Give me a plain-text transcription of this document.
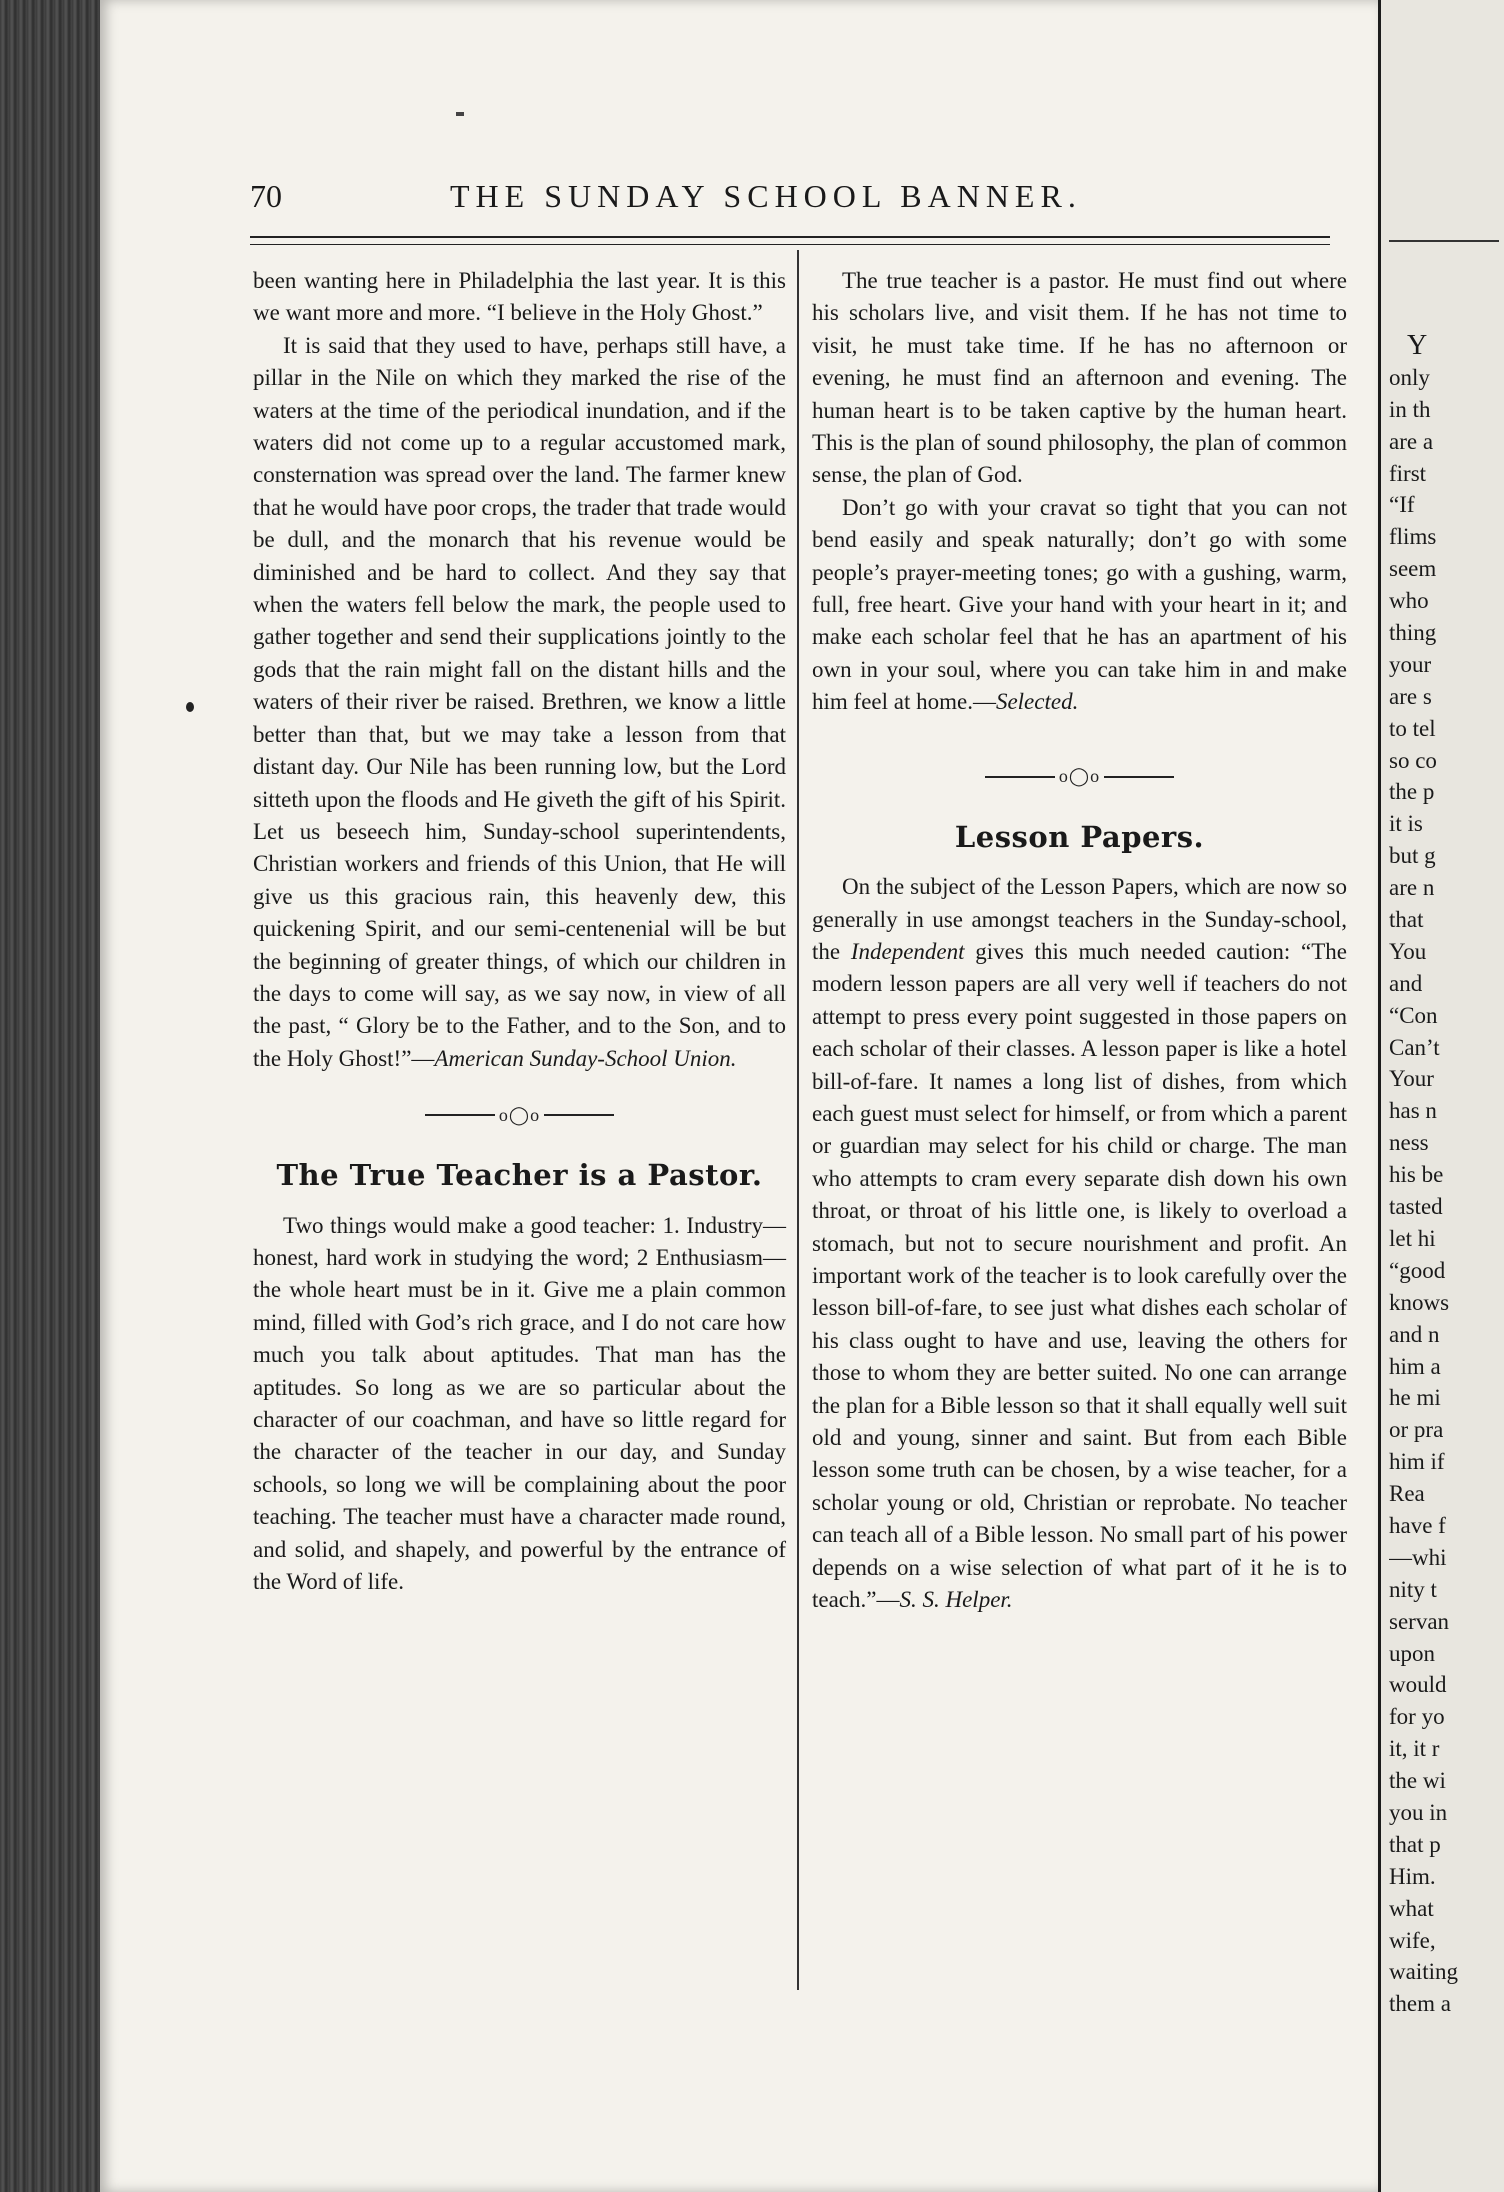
70	THE SUNDAY SCHOOL BANNER.

been wanting here in Philadelphia the last year. It is this we want more and more. “I believe in the Holy Ghost.”

It is said that they used to have, perhaps still have, a pillar in the Nile on which they marked the rise of the waters at the time of the periodical inundation, and if the waters did not come up to a regular accustomed mark, consternation was spread over the land. The farmer knew that he would have poor crops, the trader that trade would be dull, and the monarch that his revenue would be diminished and be hard to collect. And they say that when the waters fell below the mark, the people used to gather together and send their supplications jointly to the gods that the rain might fall on the distant hills and the waters of their river be raised. Brethren, we know a little better than that, but we may take a lesson from that distant day. Our Nile has been running low, but the Lord sitteth upon the floods and He giveth the gift of his Spirit. Let us beseech him, Sunday-school superintendents, Christian workers and friends of this Union, that He will give us this gracious rain, this heavenly dew, this quickening Spirit, and our semi-centenenial will be but the beginning of greater things, of which our children in the days to come will say, as we say now, in view of all the past, “ Glory be to the Father, and to the Son, and to the Holy Ghost!”—American Sunday-School Union.

o◯o
The True Teacher is a Pastor.

Two things would make a good teacher: 1. Industry—honest, hard work in studying the word; 2 Enthusiasm—the whole heart must be in it. Give me a plain common mind, filled with God’s rich grace, and I do not care how much you talk about aptitudes. That man has the aptitudes. So long as we are so particular about the character of our coachman, and have so little regard for the character of the teacher in our day, and Sunday schools, so long we will be complaining about the poor teaching. The teacher must have a character made round, and solid, and shapely, and powerful by the entrance of the Word of life.

The true teacher is a pastor. He must find out where his scholars live, and visit them. If he has not time to visit, he must take time. If he has no afternoon or evening, he must find an afternoon and evening. The human heart is to be taken captive by the human heart. This is the plan of sound philosophy, the plan of common sense, the plan of God.

Don’t go with your cravat so tight that you can not bend easily and speak naturally; don’t go with some people’s prayer-meeting tones; go with a gushing, warm, full, free heart. Give your hand with your heart in it; and make each scholar feel that he has an apartment of his own in your soul, where you can take him in and make him feel at home.—Selected.

o◯o
Lesson Papers.

On the subject of the Lesson Papers, which are now so generally in use amongst teachers in the Sunday-school, the Independent gives this much needed caution: “The modern lesson papers are all very well if teachers do not attempt to press every point suggested in those papers on each scholar of their classes. A lesson paper is like a hotel bill-of-fare. It names a long list of dishes, from which each guest must select for himself, or from which a parent or guardian may select for his child or charge. The man who attempts to cram every separate dish down his own throat, or throat of his little one, is likely to overload a stomach, but not to secure nourishment and profit. An important work of the teacher is to look carefully over the lesson bill-of-fare, to see just what dishes each scholar of his class ought to have and use, leaving the others for those to whom they are better suited. No one can arrange the plan for a Bible lesson so that it shall equally well suit old and young, sinner and saint. But from each Bible lesson some truth can be chosen, by a wise teacher, for a scholar young or old, Christian or reprobate. No teacher can teach all of a Bible lesson. No small part of his power depends on a wise selection of what part of it he is to teach.”—S. S. Helper.

Y
only
in th
are a
first
“If
flims
seem
who
thing
your
are s
to tel
so co
the p
it is
but g
are n
that
You
and
“Con
Can’t
Your
has n
ness
his be
tasted
let hi
“good
knows
and n
him a
he mi
or pra
him if
Rea
have f
—whi
nity t
servan
upon
would
for yo
it, it r
the wi
you in
that p
Him.
what
wife,
waiting
them a
